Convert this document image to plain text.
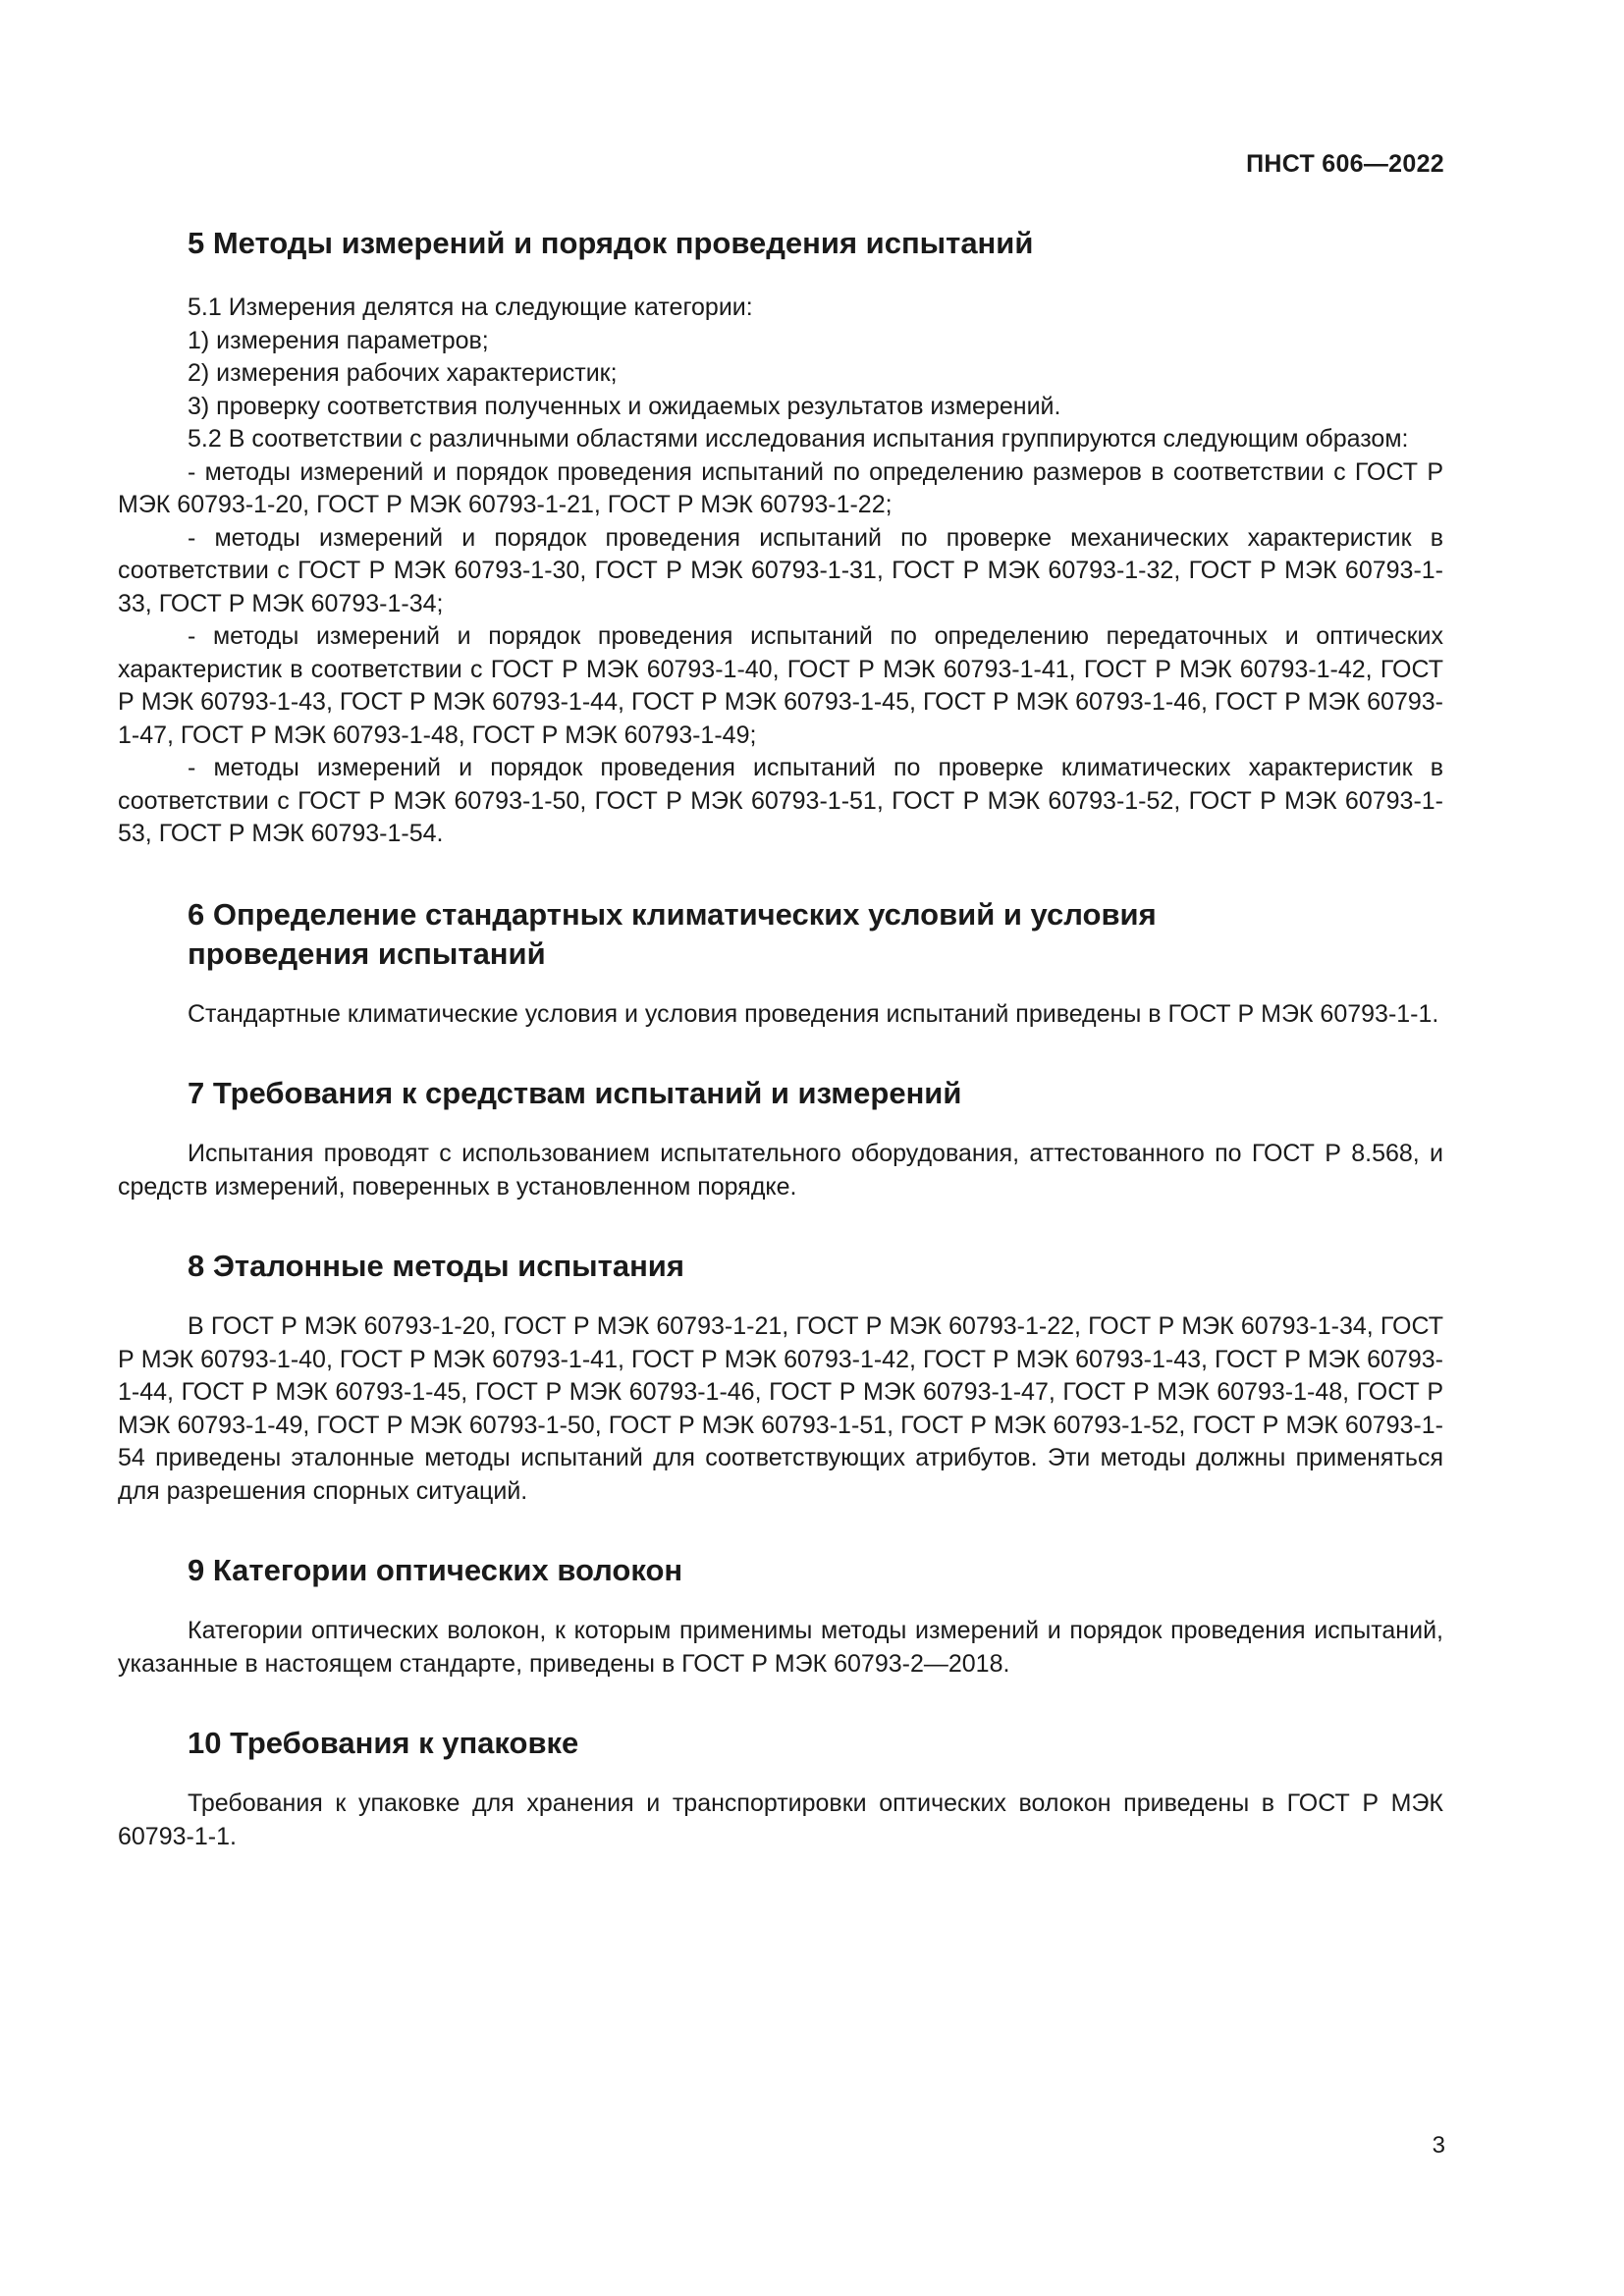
ПНСТ 606—2022
5 Методы измерений и порядок проведения испытаний

5.1 Измерения делятся на следующие категории:

1) измерения параметров;

2) измерения рабочих характеристик;

3) проверку соответствия полученных и ожидаемых результатов измерений.

5.2 В соответствии с различными областями исследования испытания группируются следующим образом:

- методы измерений и порядок проведения испытаний по определению размеров в соответствии с ГОСТ Р МЭК 60793-1-20, ГОСТ Р МЭК 60793-1-21, ГОСТ Р МЭК 60793-1-22;

- методы измерений и порядок проведения испытаний по проверке механических характеристик в соответствии с ГОСТ Р МЭК 60793-1-30, ГОСТ Р МЭК 60793-1-31, ГОСТ Р МЭК 60793-1-32, ГОСТ Р МЭК 60793-1-33, ГОСТ Р МЭК 60793-1-34;

- методы измерений и порядок проведения испытаний по определению передаточных и оптических характеристик в соответствии с ГОСТ Р МЭК 60793-1-40, ГОСТ Р МЭК 60793-1-41, ГОСТ Р МЭК 60793-1-42, ГОСТ Р МЭК 60793-1-43, ГОСТ Р МЭК 60793-1-44, ГОСТ Р МЭК 60793-1-45, ГОСТ Р МЭК 60793-1-46, ГОСТ Р МЭК 60793-1-47, ГОСТ Р МЭК 60793-1-48, ГОСТ Р МЭК 60793-1-49;

- методы измерений и порядок проведения испытаний по проверке климатических характеристик в соответствии с ГОСТ Р МЭК 60793-1-50, ГОСТ Р МЭК 60793-1-51, ГОСТ Р МЭК 60793-1-52, ГОСТ Р МЭК 60793-1-53, ГОСТ Р МЭК 60793-1-54.

6 Определение стандартных климатических условий и условия
проведения испытаний

Стандартные климатические условия и условия проведения испытаний приведены в ГОСТ Р МЭК 60793-1-1.

7 Требования к средствам испытаний и измерений

Испытания проводят с использованием испытательного оборудования, аттестованного по ГОСТ Р 8.568, и средств измерений, поверенных в установленном порядке.

8 Эталонные методы испытания

В ГОСТ Р МЭК 60793-1-20, ГОСТ Р МЭК 60793-1-21, ГОСТ Р МЭК 60793-1-22, ГОСТ Р МЭК 60793-1-34, ГОСТ Р МЭК 60793-1-40, ГОСТ Р МЭК 60793-1-41, ГОСТ Р МЭК 60793-1-42, ГОСТ Р МЭК 60793-1-43, ГОСТ Р МЭК 60793-1-44, ГОСТ Р МЭК 60793-1-45, ГОСТ Р МЭК 60793-1-46, ГОСТ Р МЭК 60793-1-47, ГОСТ Р МЭК 60793-1-48, ГОСТ Р МЭК 60793-1-49, ГОСТ Р МЭК 60793-1-50, ГОСТ Р МЭК 60793-1-51, ГОСТ Р МЭК 60793-1-52, ГОСТ Р МЭК 60793-1-54 приведены эталонные методы испытаний для соответствующих атрибутов. Эти методы должны применяться для разрешения спорных ситуаций.

9 Категории оптических волокон

Категории оптических волокон, к которым применимы методы измерений и порядок проведения испытаний, указанные в настоящем стандарте, приведены в ГОСТ Р МЭК 60793-2—2018.

10 Требования к упаковке

Требования к упаковке для хранения и транспортировки оптических волокон приведены в ГОСТ Р МЭК 60793-1-1.

3
